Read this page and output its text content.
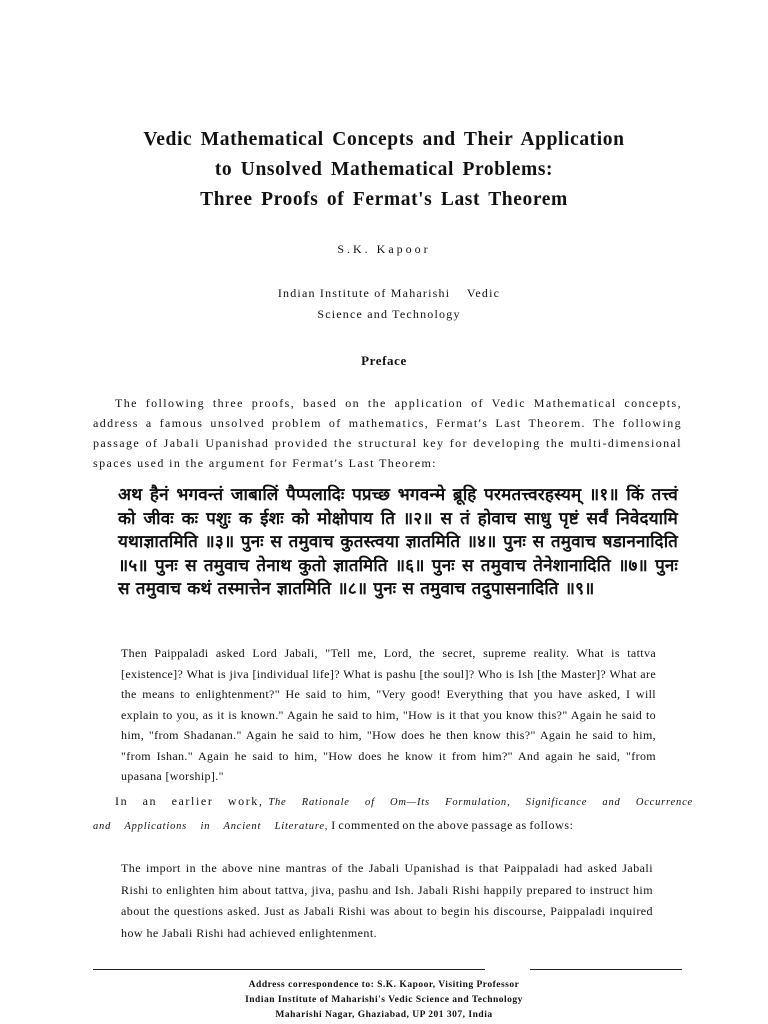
Vedic Mathematical Concepts and Their Application
to Unsolved Mathematical Problems:
Three Proofs of Fermat's Last Theorem
S.K. Kapoor
Indian Institute of Maharishi    Vedic
Science and Technology
Preface

The following three proofs, based on the application of Vedic Mathematical concepts, address a famous unsolved problem of mathematics, Fermat's Last Theorem. The following passage of Jabali Upanishad provided the structural key for developing the multi-dimensional spaces used in the argument for Fermat's Last Theorem:

अथ हैनं भगवन्तं जाबालिं पैप्पलादिः पप्रच्छ भगवन्मे ब्रूहि परमतत्त्वरहस्यम् ॥१॥ किं तत्त्वं को जीवः कः पशुः क ईशः को मोक्षोपाय ति ॥२॥ स तं होवाच साधु पृष्टं सर्वं निवेदयामि यथाज्ञातमिति ॥३॥ पुनः स तमुवाच कुतस्त्वया ज्ञातमिति ॥४॥ पुनः स तमुवाच षडाननादिति ॥५॥ पुनः स तमुवाच तेनाथ कुतो ज्ञातमिति ॥६॥ पुनः स तमुवाच तेनेशानादिति ॥७॥ पुनः स तमुवाच कथं तस्मात्तेन ज्ञातमिति ॥८॥ पुनः स तमुवाच तदुपासनादिति ॥९॥

Then Paippaladi asked Lord Jabali, "Tell me, Lord, the secret, supreme reality. What is tattva [existence]? What is jiva [individual life]? What is pashu [the soul]? Who is Ish [the Master]? What are the means to enlightenment?" He said to him, "Very good! Everything that you have asked, I will explain to you, as it is known." Again he said to him, "How is it that you know this?" Again he said to him, "from Shadanan." Again he said to him, "How does he then know this?" Again he said to him, "from Ishan." Again he said to him, "How does he know it from him?" And again he said, "from upasana [worship]."

In an earlier work, The Rationale of Om—Its Formulation, Significance and Occurrence and Applications in Ancient Literature, I commented on the above passage as follows:

The import in the above nine mantras of the Jabali Upanishad is that Paippaladi had asked Jabali Rishi to enlighten him about tattva, jiva, pashu and Ish. Jabali Rishi happily prepared to instruct him about the questions asked. Just as Jabali Rishi was about to begin his discourse, Paippaladi inquired how he Jabali Rishi had achieved enlightenment.

Address correspondence to: S.K. Kapoor, Visiting Professor
Indian Institute of Maharishi's Vedic Science and Technology
Maharishi Nagar, Ghaziabad, UP 201 307, India
